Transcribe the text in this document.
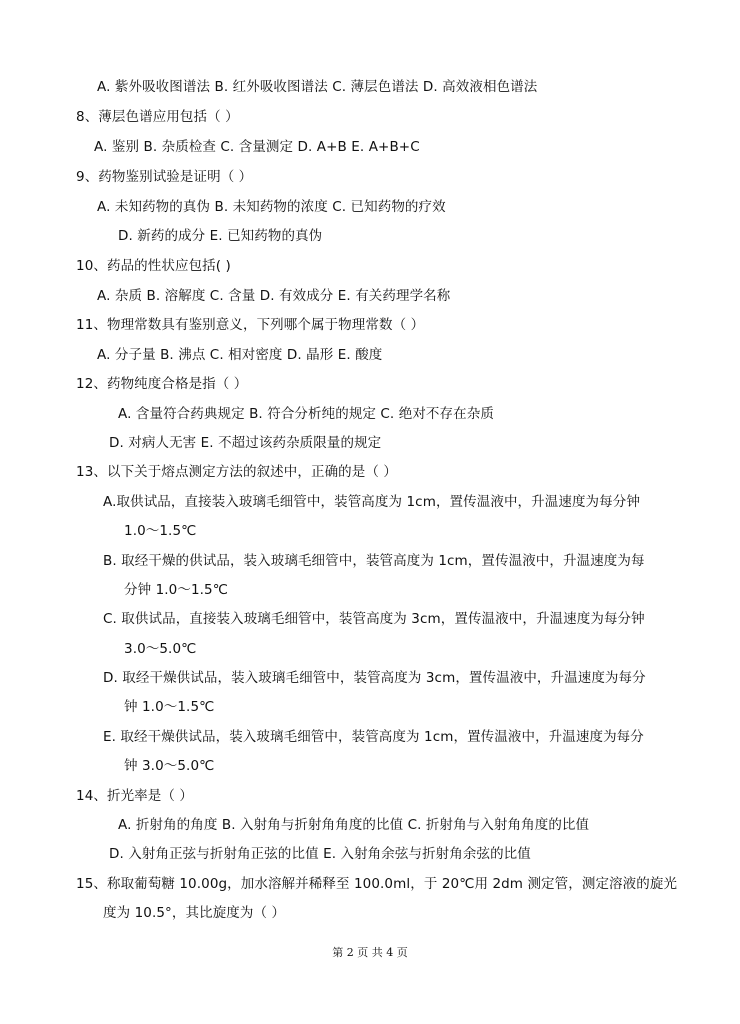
A. 紫外吸收图谱法 B. 红外吸收图谱法 C. 薄层色谱法 D. 高效液相色谱法
8、薄层色谱应用包括（ ）
A. 鉴别 B. 杂质检查 C. 含量测定 D. A+B E. A+B+C
9、药物鉴别试验是证明（ ）
A. 未知药物的真伪 B. 未知药物的浓度 C. 已知药物的疗效
D. 新药的成分 E. 已知药物的真伪
10、药品的性状应包括( )
A. 杂质 B. 溶解度 C. 含量 D. 有效成分 E. 有关药理学名称
11、物理常数具有鉴别意义，下列哪个属于物理常数（ ）
A. 分子量 B. 沸点 C. 相对密度 D. 晶形 E. 酸度
12、药物纯度合格是指（ ）
A. 含量符合药典规定 B. 符合分析纯的规定 C. 绝对不存在杂质
D. 对病人无害 E. 不超过该药杂质限量的规定
13、以下关于熔点测定方法的叙述中，正确的是（ ）
A.取供试品，直接装入玻璃毛细管中，装管高度为 1cm，置传温液中，升温速度为每分钟
1.0～1.5℃
B. 取经干燥的供试品，装入玻璃毛细管中，装管高度为 1cm，置传温液中，升温速度为每
分钟 1.0～1.5℃
C. 取供试品，直接装入玻璃毛细管中，装管高度为 3cm，置传温液中，升温速度为每分钟
3.0～5.0℃
D. 取经干燥供试品，装入玻璃毛细管中，装管高度为 3cm，置传温液中，升温速度为每分
钟 1.0～1.5℃
E. 取经干燥供试品，装入玻璃毛细管中，装管高度为 1cm，置传温液中，升温速度为每分
钟 3.0～5.0℃
14、折光率是（ ）
A. 折射角的角度 B. 入射角与折射角角度的比值 C. 折射角与入射角角度的比值
D. 入射角正弦与折射角正弦的比值 E. 入射角余弦与折射角余弦的比值
15、称取葡萄糖 10.00g，加水溶解并稀释至 100.0ml，于 20℃用 2dm 测定管，测定溶液的旋光
度为 10.5°，其比旋度为（ ）
第 2 页 共 4 页
